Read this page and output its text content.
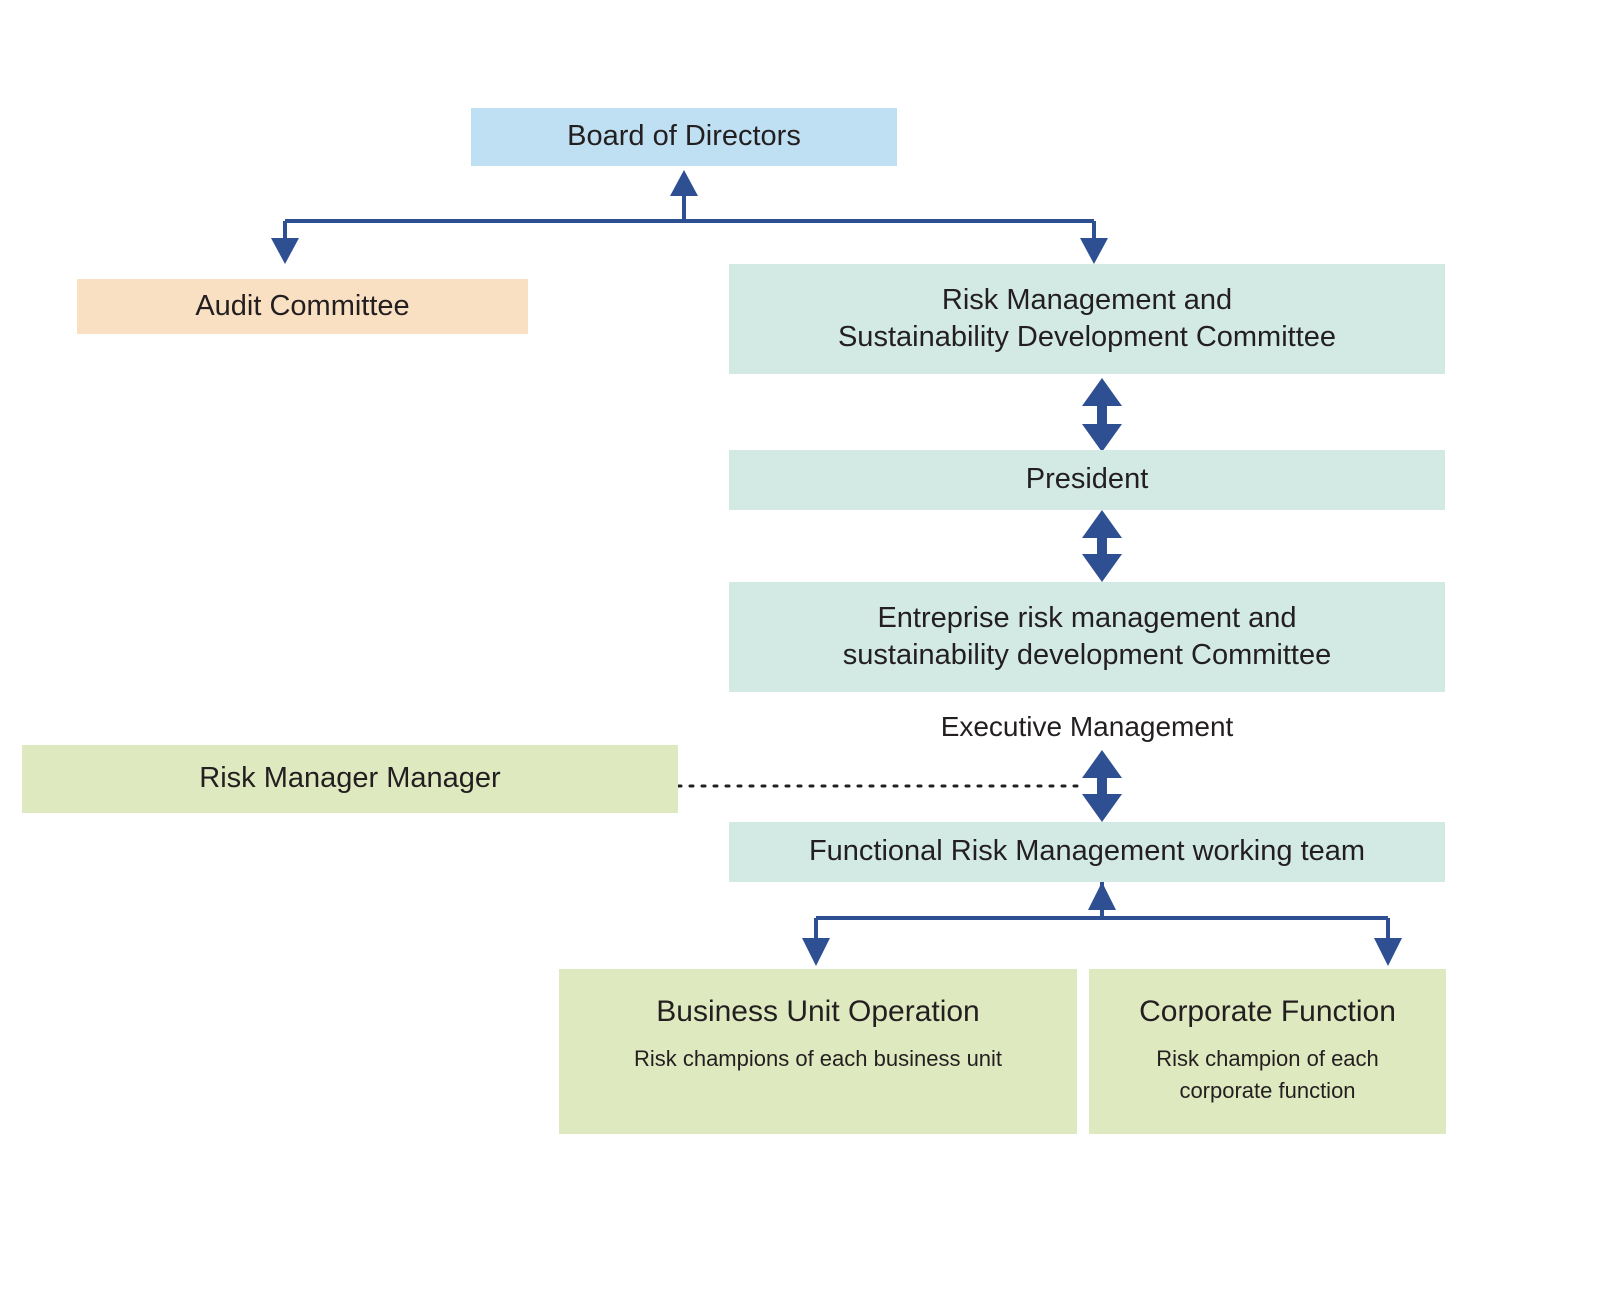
Board of Directors
Audit Committee	Risk Management and
Sustainability Development Committee
President
Entreprise risk management and
sustainability development Committee
Executive Management
Risk Manager Manager
Functional Risk Management working team
Business Unit Operation
Risk champions of each business unit
Corporate Function
Risk champion of each
corporate function
